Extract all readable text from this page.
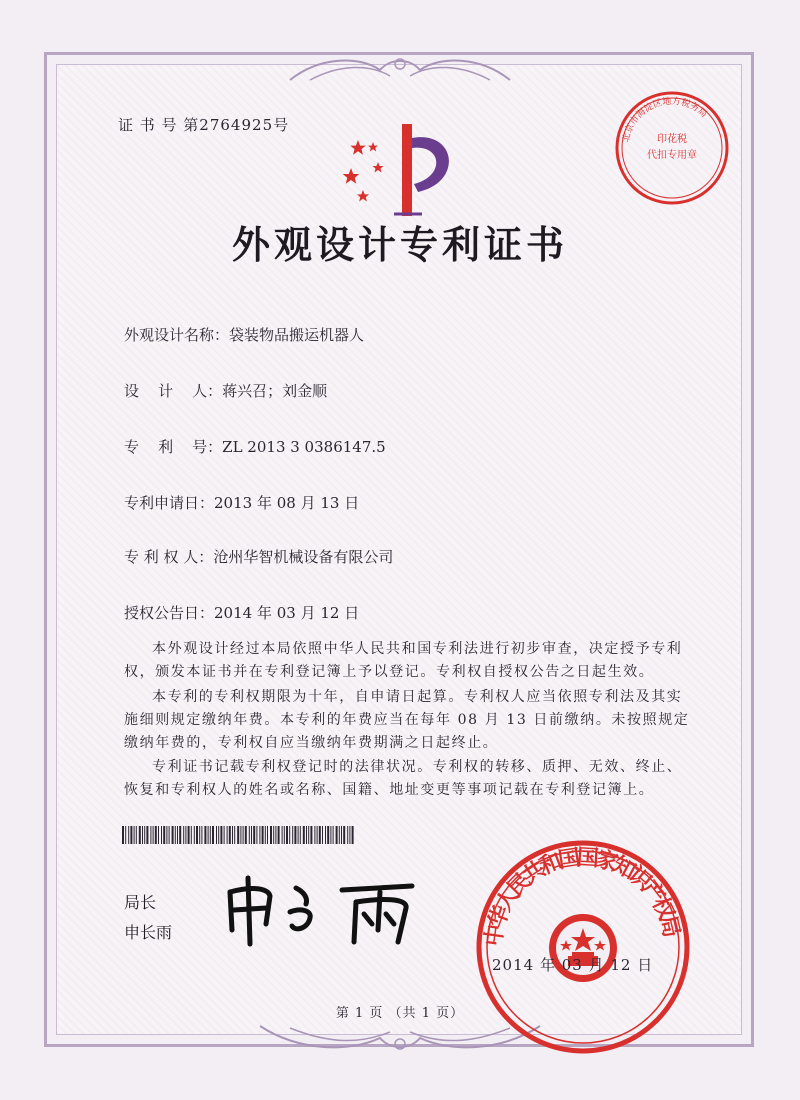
证 书 号 第2764925号
北京市海淀区地方税务局
印花税
代扣专用章
外观设计专利证书
外观设计名称：袋装物品搬运机器人
设    计    人：蒋兴召；刘金顺
专    利    号：ZL 2013 3 0386147.5
专利申请日：2013 年 08 月 13 日
专 利 权 人：沧州华智机械设备有限公司
授权公告日：2014 年 03 月 12 日
本外观设计经过本局依照中华人民共和国专利法进行初步审查，决定授予专利权，颁发本证书并在专利登记簿上予以登记。专利权自授权公告之日起生效。
本专利的专利权期限为十年，自申请日起算。专利权人应当依照专利法及其实施细则规定缴纳年费。本专利的年费应当在每年 08 月 13 日前缴纳。未按照规定缴纳年费的，专利权自应当缴纳年费期满之日起终止。
专利证书记载专利权登记时的法律状况。专利权的转移、质押、无效、终止、恢复和专利权人的姓名或名称、国籍、地址变更等事项记载在专利登记簿上。
局长
申长雨	中华人民共和国国家知识产权局
2014 年 03 月 12 日
第 1 页 （共 1 页）
